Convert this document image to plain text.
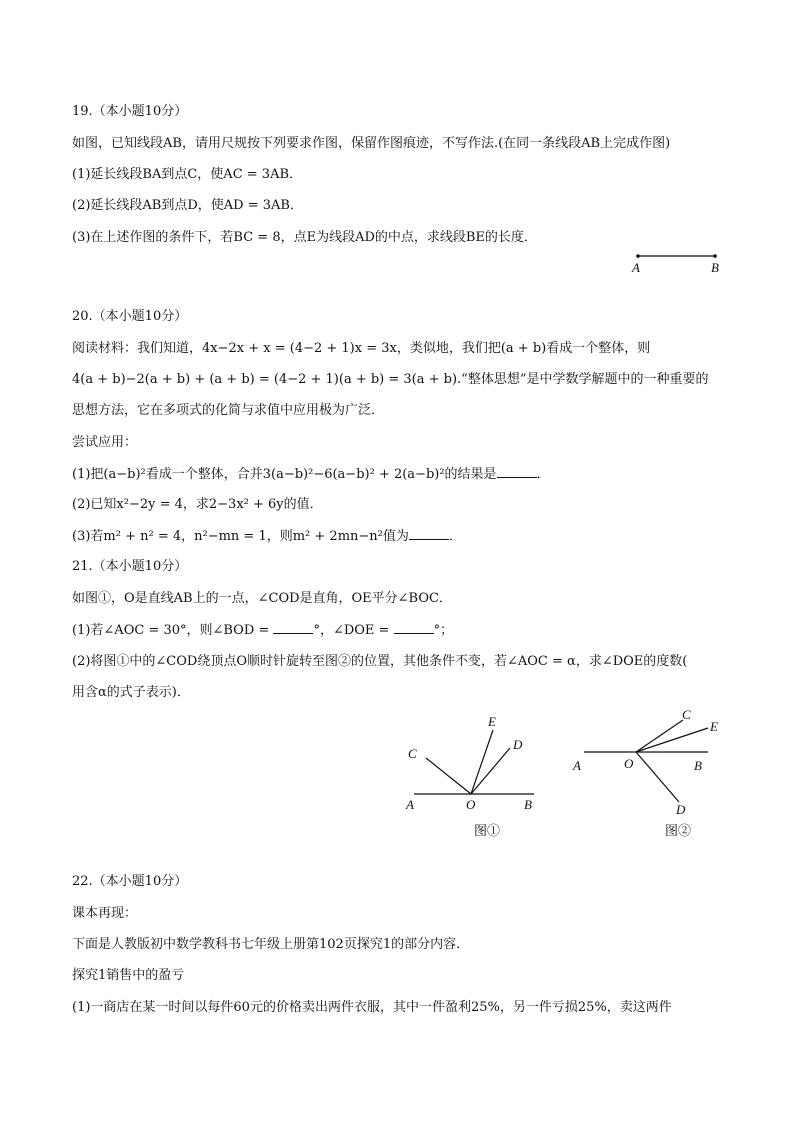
19.（本小题10分）
如图，已知线段AB，请用尺规按下列要求作图，保留作图痕迹，不写作法.(在同一条线段AB上完成作图)
(1)延长线段BA到点C，使AC = 3AB．
(2)延长线段AB到点D，使AD = 3AB．
(3)在上述作图的条件下，若BC = 8，点E为线段AD的中点，求线段BE的长度．
A	B
20.（本小题10分）
阅读材料：我们知道，4x−2x + x = (4−2 + 1)x = 3x，类似地，我们把(a + b)看成一个整体，则
4(a + b)−2(a + b) + (a + b) = (4−2 + 1)(a + b) = 3(a + b).“整体思想”是中学数学解题中的一种重要的
思想方法，它在多项式的化简与求值中应用极为广泛．
尝试应用：
(1)把(a−b)²看成一个整体，合并3(a−b)²−6(a−b)² + 2(a−b)²的结果是	．
(2)已知x²−2y = 4，求2−3x² + 6y的值．
(3)若m² + n² = 4，n²−mn = 1，则m² + 2mn−n²值为	．
21.（本小题10分）
如图①，O是直线AB上的一点，∠COD是直角，OE平分∠BOC．
(1)若∠AOC = 30°，则∠BOD =	°，∠DOE =	°；
(2)将图①中的∠COD绕顶点O顺时针旋转至图②的位置，其他条件不变，若∠AOC = α，求∠DOE的度数(
用含α的式子表示)．
A	O	B
C
E
D
图①
A	O	B
C
E
D
图②
22.（本小题10分）
课本再现：
下面是人教版初中数学教科书七年级上册第102页探究1的部分内容．
探究1销售中的盈亏
(1)一商店在某一时间以每件60元的价格卖出两件衣服，其中一件盈利25%，另一件亏损25%，卖这两件
